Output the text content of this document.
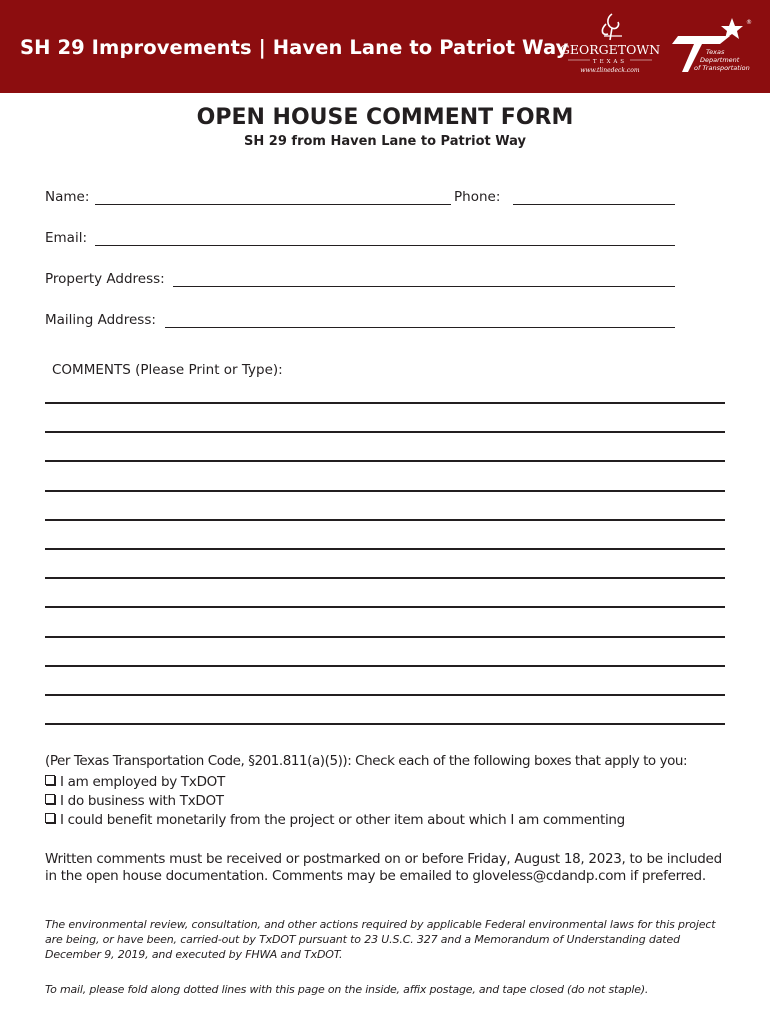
SH 29 Improvements | Haven Lane to Patriot Way
GEORGETOWN
TEXAS
www.tlinedeck.com
®
Texas
Department
of Transportation
OPEN HOUSE COMMENT FORM
SH 29 from Haven Lane to Patriot Way
Name:	Phone:
Email:
Property Address:
Mailing Address:
COMMENTS (Please Print or Type):
(Per Texas Transportation Code, §201.811(a)(5)): Check each of the following boxes that apply to you:
I am employed by TxDOT
I do business with TxDOT
I could benefit monetarily from the project or other item about which I am commenting
Written comments must be received or postmarked on or before Friday, August 18, 2023, to be included in the open house documentation. Comments may be emailed to gloveless@cdandp.com if preferred.
The environmental review, consultation, and other actions required by applicable Federal environmental laws for this project are being, or have been, carried-out by TxDOT pursuant to 23 U.S.C. 327 and a Memorandum of Understanding dated December 9, 2019, and executed by FHWA and TxDOT.
To mail, please fold along dotted lines with this page on the inside, affix postage, and tape closed (do not staple).
